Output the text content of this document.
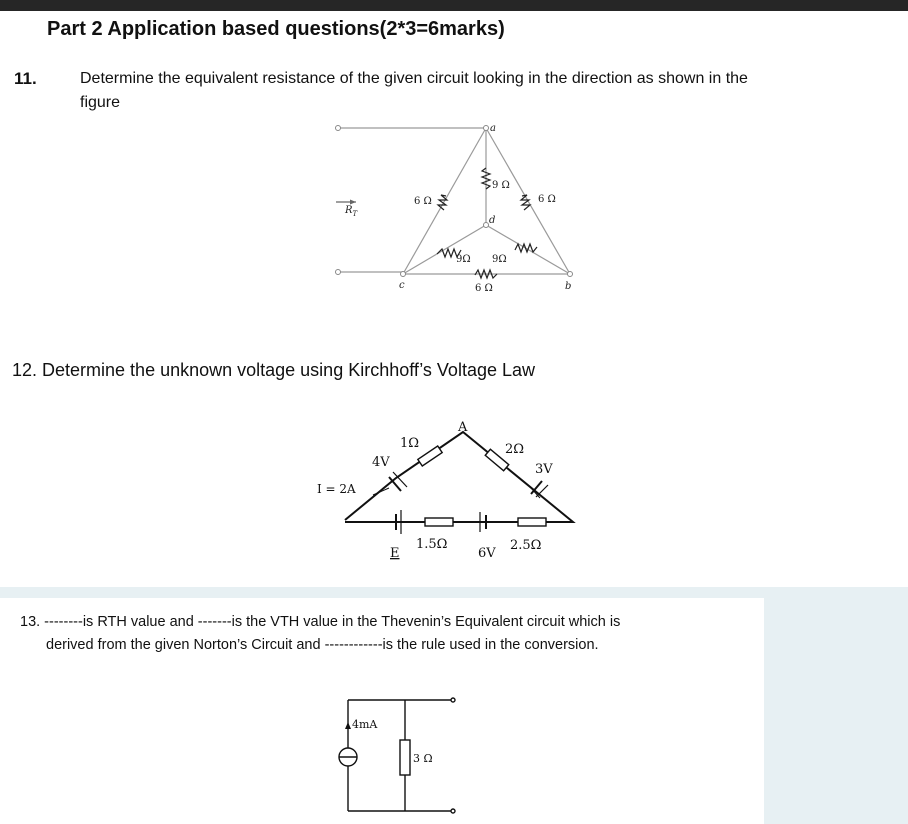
Part 2 Application based questions(2*3=6marks)
11.	Determine the equivalent resistance of the given circuit looking in the direction as shown in the
figure
a
b
c
d
6 Ω
9 Ω
6 Ω
9Ω 9Ω
6 Ω
$R_T$
12. Determine the unknown voltage using Kirchhoff’s Voltage Law
A
1Ω
4V
2Ω
3V
I = 2A
E
1.5Ω
6V
2.5Ω
13. --------is RTH value and -------is the VTH value in the Thevenin’s Equivalent circuit which is
derived from the given Norton’s Circuit and ------------is the rule used in the conversion.
4mA
3 Ω
